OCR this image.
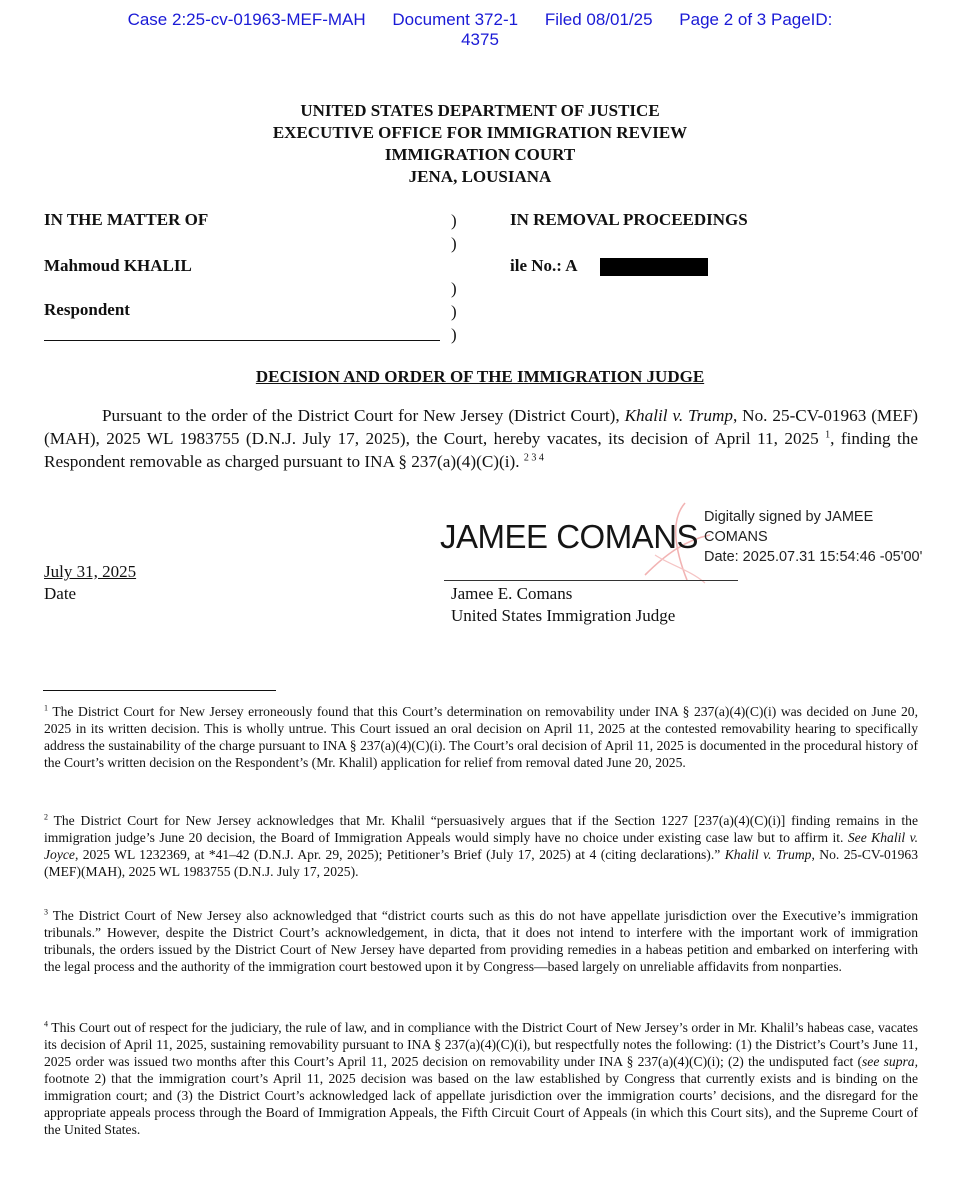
Case 2:25-cv-01963-MEF-MAH Document 372-1 Filed 08/01/25 Page 2 of 3 PageID:
4375
UNITED STATES DEPARTMENT OF JUSTICE
EXECUTIVE OFFICE FOR IMMIGRATION REVIEW
IMMIGRATION COURT
JENA, LOUSIANA
IN THE MATTER OF
Mahmoud KHALIL
Respondent
)
)
)
)
)
IN REMOVAL PROCEEDINGS
ile No.: A
DECISION AND ORDER OF THE IMMIGRATION JUDGE
Pursuant to the order of the District Court for New Jersey (District Court), Khalil v. Trump, No. 25-CV-01963 (MEF)(MAH), 2025 WL 1983755 (D.N.J. July 17, 2025), the Court, hereby vacates, its decision of April 11, 2025 $^1$, finding the Respondent removable as charged pursuant to INA § 237(a)(4)(C)(i). $^{2 3 4}$
JAMEE COMANS
Digitally signed by JAMEE
COMANS
Date: 2025.07.31 15:54:46 -05'00'
July 31, 2025
Date	Jamee E. Comans
United States Immigration Judge
$^1$ The District Court for New Jersey erroneously found that this Court’s determination on removability under INA § 237(a)(4)(C)(i) was decided on June 20, 2025 in its written decision. This is wholly untrue. This Court issued an oral decision on April 11, 2025 at the contested removability hearing to specifically address the sustainability of the charge pursuant to INA § 237(a)(4)(C)(i). The Court’s oral decision of April 11, 2025 is documented in the procedural history of the Court’s written decision on the Respondent’s (Mr. Khalil) application for relief from removal dated June 20, 2025.
$^2$ The District Court for New Jersey acknowledges that Mr. Khalil “persuasively argues that if the Section 1227 [237(a)(4)(C)(i)] finding remains in the immigration judge’s June 20 decision, the Board of Immigration Appeals would simply have no choice under existing case law but to affirm it. See Khalil v. Joyce, 2025 WL 1232369, at *41–42 (D.N.J. Apr. 29, 2025); Petitioner’s Brief (July 17, 2025) at 4 (citing declarations).” Khalil v. Trump, No. 25-CV-01963 (MEF)(MAH), 2025 WL 1983755 (D.N.J. July 17, 2025).
$^3$ The District Court of New Jersey also acknowledged that “district courts such as this do not have appellate jurisdiction over the Executive’s immigration tribunals.” However, despite the District Court’s acknowledgement, in dicta, that it does not intend to interfere with the important work of immigration tribunals, the orders issued by the District Court of New Jersey have departed from providing remedies in a habeas petition and embarked on interfering with the legal process and the authority of the immigration court bestowed upon it by Congress—based largely on unreliable affidavits from nonparties.
$^4$ This Court out of respect for the judiciary, the rule of law, and in compliance with the District Court of New Jersey’s order in Mr. Khalil’s habeas case, vacates its decision of April 11, 2025, sustaining removability pursuant to INA § 237(a)(4)(C)(i), but respectfully notes the following: (1) the District’s Court’s June 11, 2025 order was issued two months after this Court’s April 11, 2025 decision on removability under INA § 237(a)(4)(C)(i); (2) the undisputed fact (see supra, footnote 2) that the immigration court’s April 11, 2025 decision was based on the law established by Congress that currently exists and is binding on the immigration court; and (3) the District Court’s acknowledged lack of appellate jurisdiction over the immigration courts’ decisions, and the disregard for the appropriate appeals process through the Board of Immigration Appeals, the Fifth Circuit Court of Appeals (in which this Court sits), and the Supreme Court of the United States.
